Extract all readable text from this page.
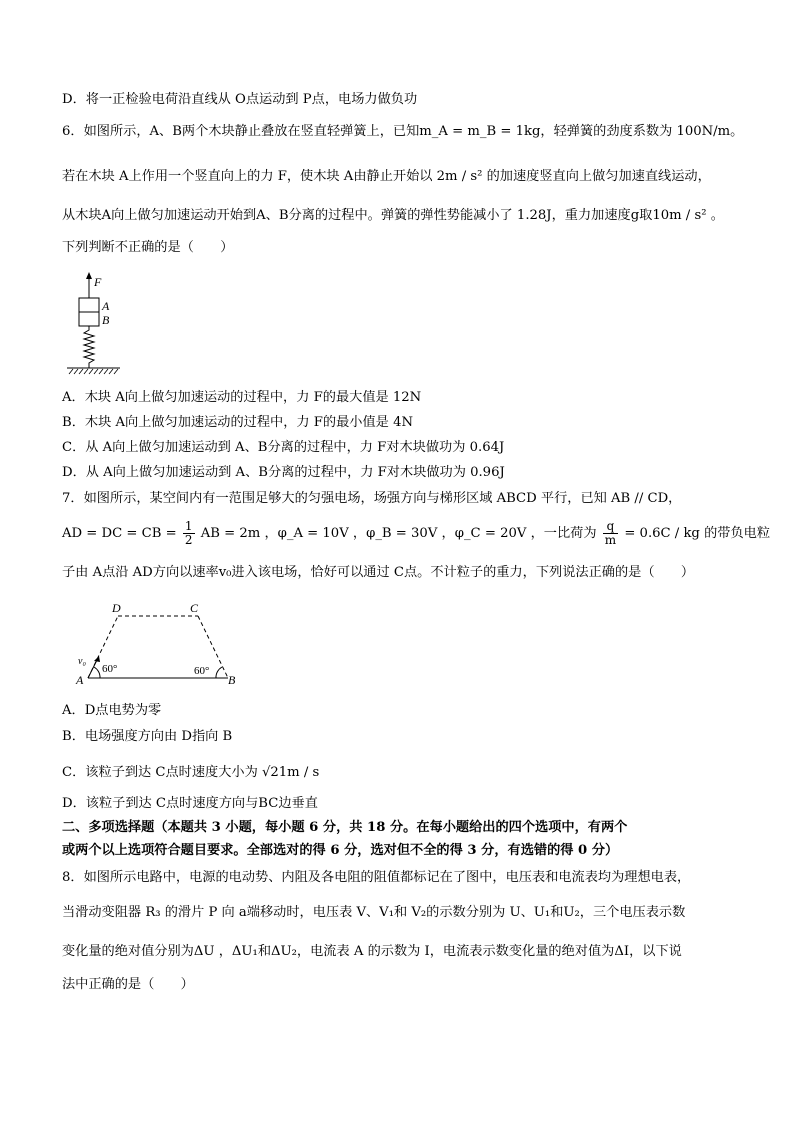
D．将一正检验电荷沿直线从 O点运动到 P点，电场力做负功
6．如图所示，A、B两个木块静止叠放在竖直轻弹簧上，已知m_A = m_B = 1kg，轻弹簧的劲度系数为 100N/m。
若在木块 A上作用一个竖直向上的力 F，使木块 A由静止开始以 2m / s² 的加速度竖直向上做匀加速直线运动，
从木块A向上做匀加速运动开始到A、B分离的过程中。弹簧的弹性势能减小了 1.28J，重力加速度g取10m / s² 。
下列判断不正确的是（　　）
F
A
B
A．木块 A向上做匀加速运动的过程中，力 F的最大值是 12N
B．木块 A向上做匀加速运动的过程中，力 F的最小值是 4N
C．从 A向上做匀加速运动到 A、B分离的过程中，力 F对木块做功为 0.64J
D．从 A向上做匀加速运动到 A、B分离的过程中，力 F对木块做功为 0.96J
7．如图所示，某空间内有一范围足够大的匀强电场，场强方向与梯形区域 ABCD 平行，已知 AB // CD，
AD = DC = CB = $\frac{1}{2}$ AB = 2m ，φ_A = 10V ，φ_B = 30V ，φ_C = 20V ，一比荷为 $\frac{q}{m} = 0.6C$ / kg 的带负电粒
子由 A点沿 AD方向以速率v₀进入该电场，恰好可以通过 C点。不计粒子的重力，下列说法正确的是（　　）
D	C
A	B
v₀
60°	60°
A．D点电势为零
B．电场强度方向由 D指向 B
C．该粒子到达 C点时速度大小为 √21m / s
D．该粒子到达 C点时速度方向与BC边垂直
二、多项选择题（本题共 3 小题，每小题 6 分，共 18 分。在每小题给出的四个选项中，有两个
或两个以上选项符合题目要求。全部选对的得 6 分，选对但不全的得 3 分，有选错的得 0 分）
8．如图所示电路中，电源的电动势、内阻及各电阻的阻值都标记在了图中，电压表和电流表均为理想电表，
当滑动变阻器 R₃ 的滑片 P 向 a端移动时，电压表 V、V₁和 V₂的示数分别为 U、U₁和U₂，三个电压表示数
变化量的绝对值分别为ΔU ，ΔU₁和ΔU₂，电流表 A 的示数为 I，电流表示数变化量的绝对值为ΔI，以下说
法中正确的是（　　）
